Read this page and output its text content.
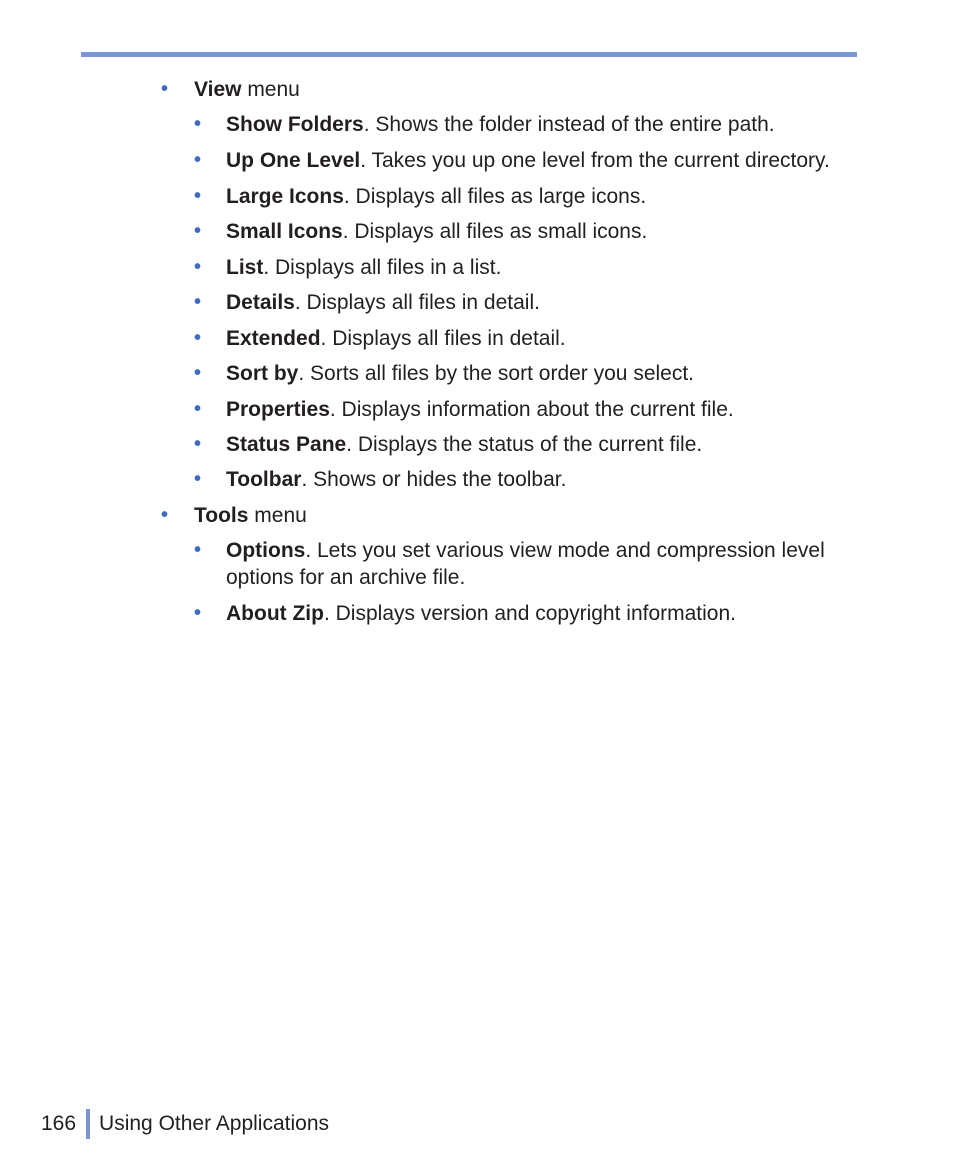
• View menu
• Show Folders. Shows the folder instead of the entire path.
• Up One Level. Takes you up one level from the current directory.
• Large Icons. Displays all files as large icons.
• Small Icons. Displays all files as small icons.
• List. Displays all files in a list.
• Details. Displays all files in detail.
• Extended. Displays all files in detail.
• Sort by. Sorts all files by the sort order you select.
• Properties. Displays information about the current file.
• Status Pane. Displays the status of the current file.
• Toolbar. Shows or hides the toolbar.
• Tools menu
• Options. Lets you set various view mode and compression level options for an archive file.
• About Zip. Displays version and copyright information.
166 Using Other Applications
